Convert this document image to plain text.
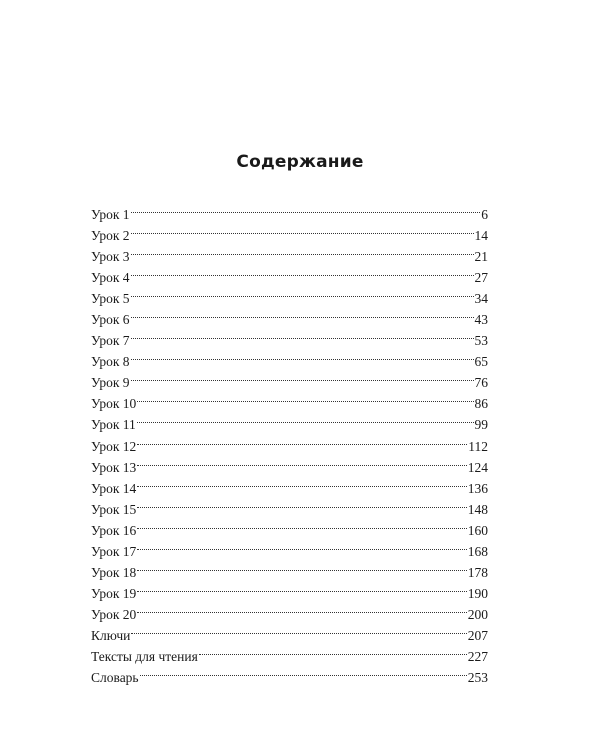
Содержание
Урок 1	6
Урок 2	14
Урок 3	21
Урок 4	27
Урок 5	34
Урок 6	43
Урок 7	53
Урок 8	65
Урок 9	76
Урок 10	86
Урок 11	99
Урок 12	112
Урок 13	124
Урок 14	136
Урок 15	148
Урок 16	160
Урок 17	168
Урок 18	178
Урок 19	190
Урок 20	200
Ключи	207
Тексты для чтения	227
Словарь	253
